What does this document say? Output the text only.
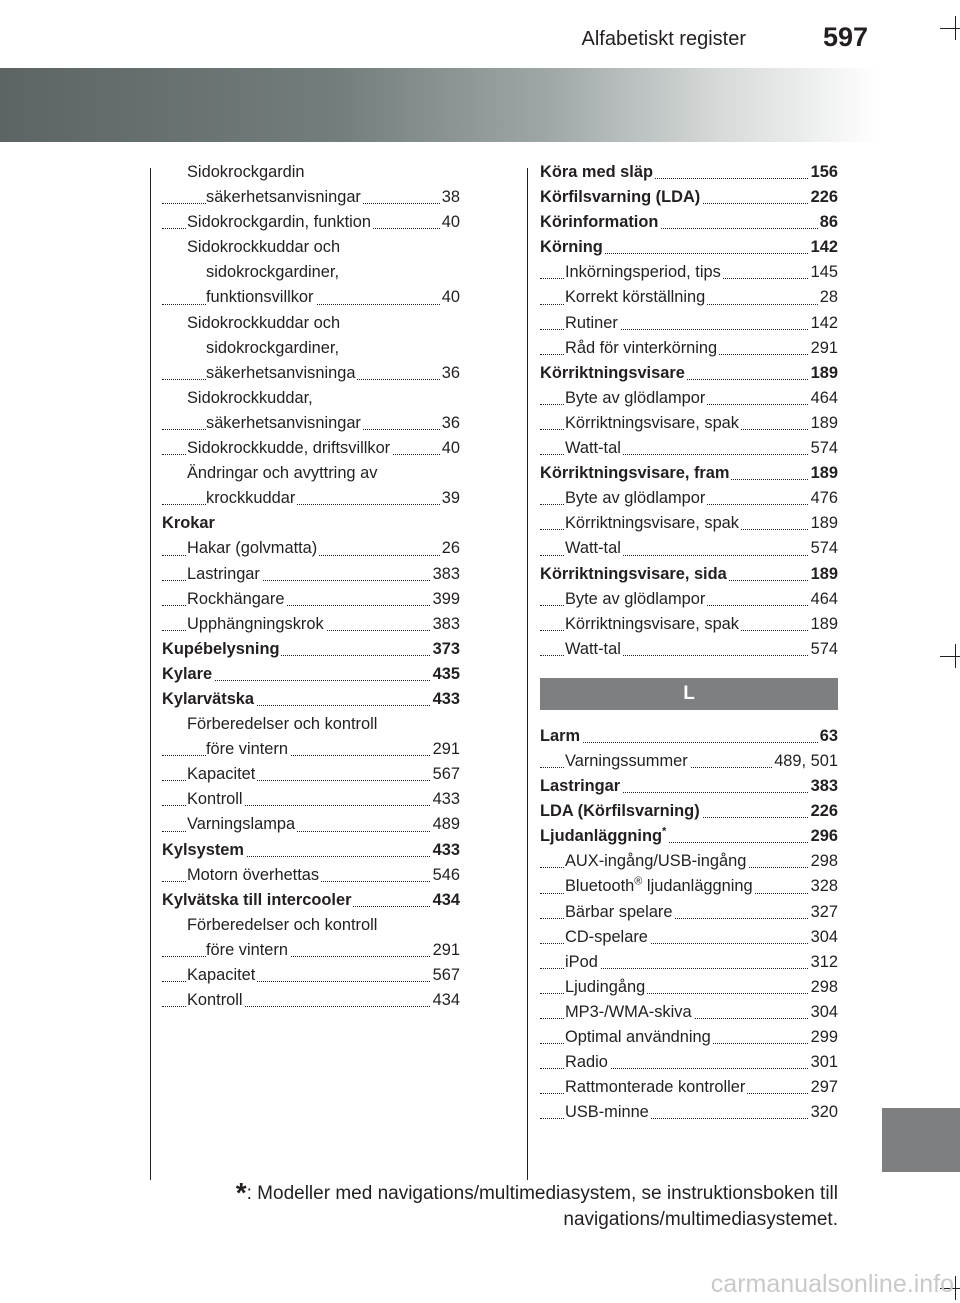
Alfabetiskt register	597
Sidokrockgardin
säkerhetsanvisningar	38
Sidokrockgardin, funktion	40
Sidokrockkuddar och
sidokrockgardiner,
funktionsvillkor	40
Sidokrockkuddar och
sidokrockgardiner,
säkerhetsanvisninga	36
Sidokrockkuddar,
säkerhetsanvisningar	36
Sidokrockkudde, driftsvillkor	40
Ändringar och avyttring av
krockkuddar	39
Krokar
Hakar (golvmatta)	26
Lastringar	383
Rockhängare	399
Upphängningskrok	383
Kupébelysning	373
Kylare	435
Kylarvätska	433
Förberedelser och kontroll
före vintern	291
Kapacitet	567
Kontroll	433
Varningslampa	489
Kylsystem	433
Motorn överhettas	546
Kylvätska till intercooler	434
Förberedelser och kontroll
före vintern	291
Kapacitet	567
Kontroll	434
Köra med släp	156
Körfilsvarning (LDA)	226
Körinformation	86
Körning	142
Inkörningsperiod, tips	145
Korrekt körställning	28
Rutiner	142
Råd för vinterkörning	291
Körriktningsvisare	189
Byte av glödlampor	464
Körriktningsvisare, spak	189
Watt-tal	574
Körriktningsvisare, fram	189
Byte av glödlampor	476
Körriktningsvisare, spak	189
Watt-tal	574
Körriktningsvisare, sida	189
Byte av glödlampor	464
Körriktningsvisare, spak	189
Watt-tal	574
L
Larm	63
Varningssummer	489, 501
Lastringar	383
LDA (Körfilsvarning)	226
Ljudanläggning*	296
AUX-ingång/USB-ingång	298
Bluetooth® ljudanläggning	328
Bärbar spelare	327
CD-spelare	304
iPod	312
Ljudingång	298
MP3-/WMA-skiva	304
Optimal användning	299
Radio	301
Rattmonterade kontroller	297
USB-minne	320
*: Modeller med navigations/multimediasystem, se instruktionsboken till
navigations/multimediasystemet.
carmanualsonline.info
